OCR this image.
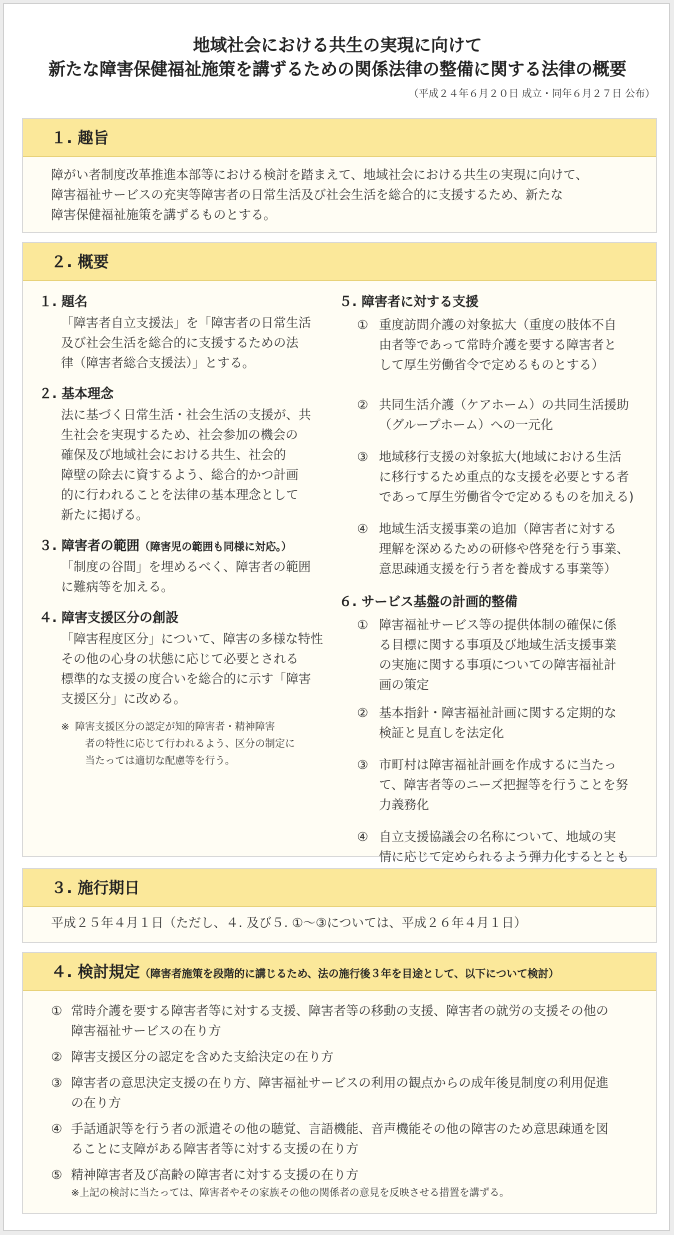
地域社会における共生の実現に向けて
新たな障害保健福祉施策を講ずるための関係法律の整備に関する法律の概要
（平成２４年６月２０日 成立・同年６月２７日 公布）
１. 趣旨
障がい者制度改革推進本部等における検討を踏まえて、地域社会における共生の実現に向けて、
障害福祉サービスの充実等障害者の日常生活及び社会生活を総合的に支援するため、新たな
障害保健福祉施策を講ずるものとする。
２. 概要
１. 題名
「障害者自立支援法」を「障害者の日常生活
及び社会生活を総合的に支援するための法
律（障害者総合支援法）」とする。
２. 基本理念
法に基づく日常生活・社会生活の支援が、共
生社会を実現するため、社会参加の機会の
確保及び地域社会における共生、社会的
障壁の除去に資するよう、総合的かつ計画
的に行われることを法律の基本理念として
新たに掲げる。
３. 障害者の範囲（障害児の範囲も同様に対応。）
「制度の谷間」を埋めるべく、障害者の範囲
に難病等を加える。
４. 障害支援区分の創設
「障害程度区分」について、障害の多様な特性
その他の心身の状態に応じて必要とされる
標準的な支援の度合いを総合的に示す「障害
支援区分」に改める。
※ 障害支援区分の認定が知的障害者・精神障害
者の特性に応じて行われるよう、区分の制定に
当たっては適切な配慮等を行う。
５. 障害者に対する支援
① 重度訪問介護の対象拡大（重度の肢体不自
由者等であって常時介護を要する障害者と
して厚生労働省令で定めるものとする）
② 共同生活介護（ケアホーム）の共同生活援助
（グループホーム）への一元化
③ 地域移行支援の対象拡大(地域における生活
に移行するため重点的な支援を必要とする者
であって厚生労働省令で定めるものを加える)
④ 地域生活支援事業の追加（障害者に対する
理解を深めるための研修や啓発を行う事業、
意思疎通支援を行う者を養成する事業等）
６. サービス基盤の計画的整備
① 障害福祉サービス等の提供体制の確保に係
る目標に関する事項及び地域生活支援事業
の実施に関する事項についての障害福祉計
画の策定
② 基本指針・障害福祉計画に関する定期的な
検証と見直しを法定化
③ 市町村は障害福祉計画を作成するに当たっ
て、障害者等のニーズ把握等を行うことを努
力義務化
④ 自立支援協議会の名称について、地域の実
情に応じて定められるよう弾力化するととも
３. 施行期日
平成２５年４月１日（ただし、４. 及び５. ①～③については、平成２６年４月１日）
４. 検討規定（障害者施策を段階的に講じるため、法の施行後３年を目途として、以下について検討）
① 常時介護を要する障害者等に対する支援、障害者等の移動の支援、障害者の就労の支援その他の
障害福祉サービスの在り方
② 障害支援区分の認定を含めた支給決定の在り方
③ 障害者の意思決定支援の在り方、障害福祉サービスの利用の観点からの成年後見制度の利用促進
の在り方
④ 手話通訳等を行う者の派遣その他の聴覚、言語機能、音声機能その他の障害のため意思疎通を図
ることに支障がある障害者等に対する支援の在り方
⑤ 精神障害者及び高齢の障害者に対する支援の在り方
※上記の検討に当たっては、障害者やその家族その他の関係者の意見を反映させる措置を講ずる。
